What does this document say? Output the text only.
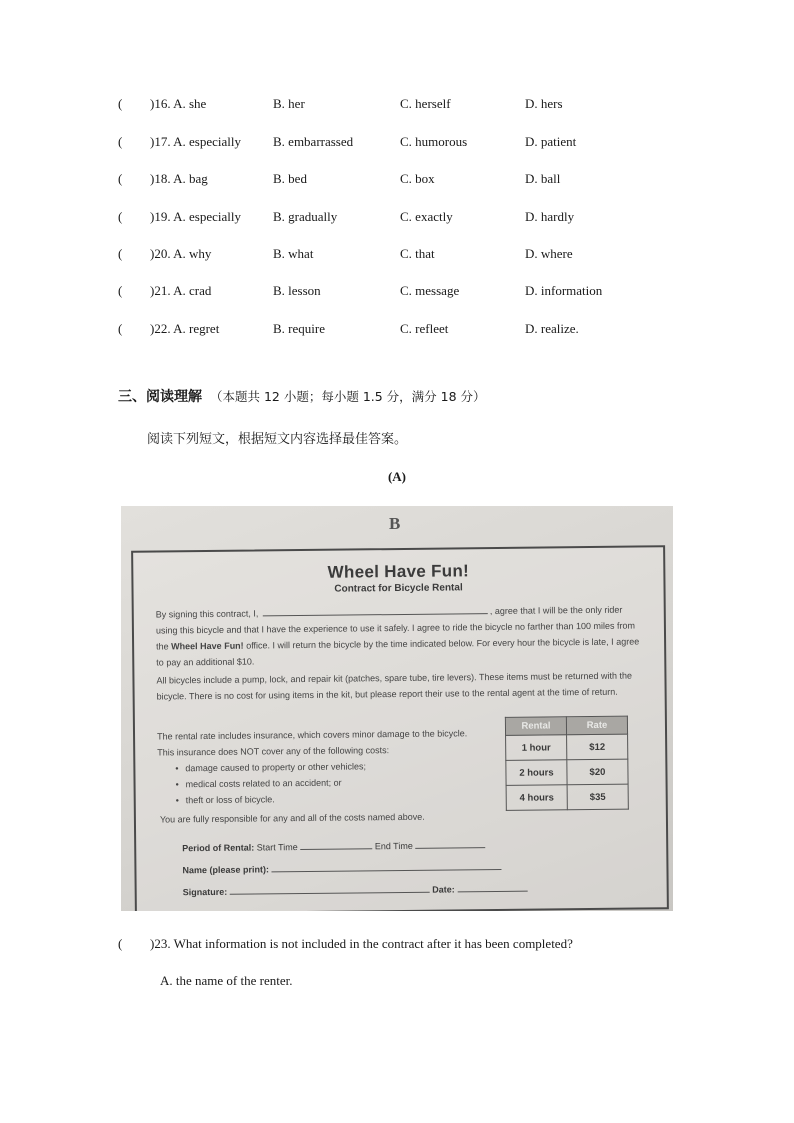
( )16. A. she	B. her	C. herself	D. hers
( )17. A. especially B. embarrassed	C. humorous	D. patient
( )18. A. bag	B. bed	C. box	D. ball
( )19. A. especially B. gradually	C. exactly	D. hardly
( )20. A. why	B. what	C. that	D. where
( )21. A. crad	B. lesson	C. message	D. information
( )22. A. regret	B. require	C. refleet	D. realize.
三、阅读理解 （本题共 12 小题；每小题 1.5 分，满分 18 分）
阅读下列短文，根据短文内容选择最佳答案。
(A)
B
Wheel Have Fun!
Contract for Bicycle Rental
By signing this contract, I,	, agree that I will be the only rider using this bicycle and that I have the experience to use it safely. I agree to ride the bicycle no farther than 100 miles from the Wheel Have Fun! office. I will return the bicycle by the time indicated below. For every hour the bicycle is late, I agree to pay an additional $10.
All bicycles include a pump, lock, and repair kit (patches, spare tube, tire levers). These items must be returned with the bicycle. There is no cost for using items in the kit, but please report their use to the rental agent at the time of return.
The rental rate includes insurance, which covers minor damage to the bicycle.
This insurance does NOT cover any of the following costs:
• damage caused to property or other vehicles;
• medical costs related to an accident; or
• theft or loss of bicycle.
Rental	Rate
1 hour	$12
2 hours	$20
4 hours	$35
You are fully responsible for any and all of the costs named above.
Period of Rental: Start Time	End Time
Name (please print):
Signature:	Date:
( )23. What information is not included in the contract after it has been completed?
A. the name of the renter.
